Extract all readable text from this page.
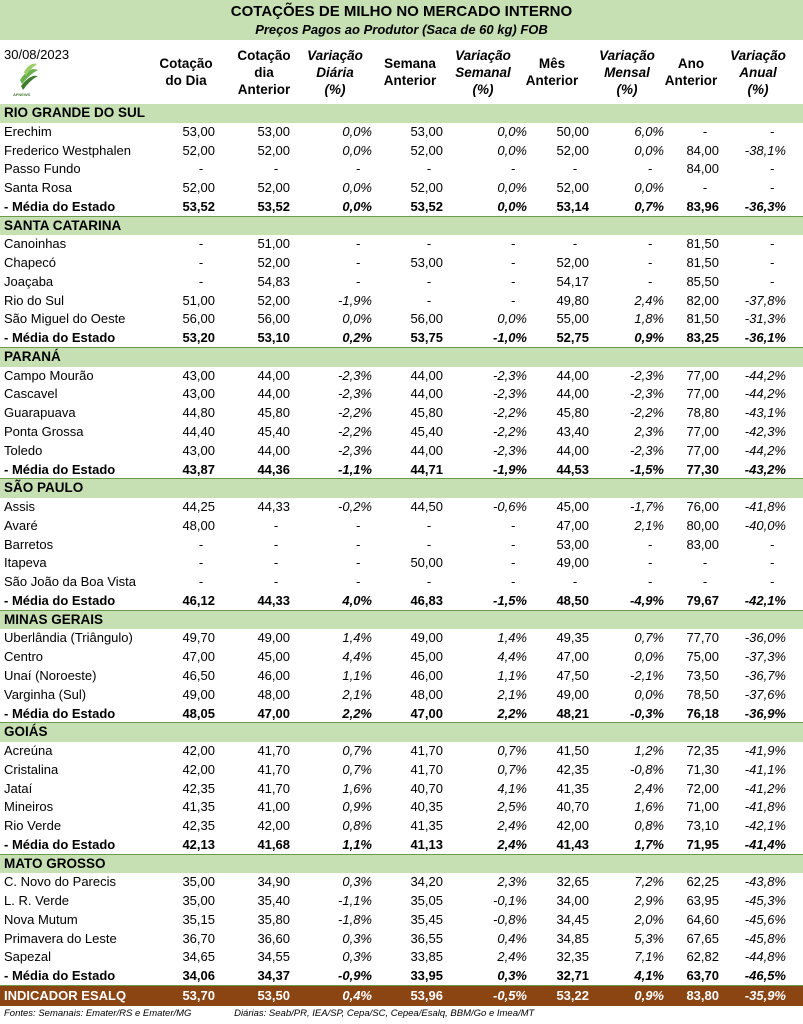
COTAÇÕES DE MILHO NO MERCADO INTERNO
Preços Pagos ao Produtor (Saca de 60 kg) FOB
30/08/2023
AFNEWS
Cotação
do Dia
Cotação
dia
Anterior
Variação
Diária
(%)
Semana
Anterior
Variação
Semanal
(%)
Mês
Anterior
Variação
Mensal
(%)
Ano
Anterior
Variação
Anual
(%)
RIO GRANDE DO SUL
Erechim	53,00	53,00	0,0%	53,00	0,0% 50,00	6,0%	-	-
Frederico Westphalen	52,00	52,00	0,0%	52,00	0,0% 52,00	0,0% 84,00 -38,1%
Passo Fundo	-	-	-	-	-	-	-	84,00	-
Santa Rosa	52,00	52,00	0,0%	52,00	0,0% 52,00	0,0%	-	-
- Média do Estado	53,52	53,52	0,0%	53,52	0,0% 53,14	0,7% 83,96 -36,3%
SANTA CATARINA
Canoinhas	-	51,00	-	-	-	-	-	81,50	-
Chapecó	-	52,00	-	53,00	-	52,00	-	81,50	-
Joaçaba	-	54,83	-	-	-	54,17	-	85,50	-
Rio do Sul	51,00	52,00	-1,9%	-	-	49,80	2,4% 82,00 -37,8%
São Miguel do Oeste	56,00	56,00	0,0%	56,00	0,0% 55,00	1,8% 81,50 -31,3%
- Média do Estado	53,20	53,10	0,2%	53,75	-1,0% 52,75	0,9% 83,25 -36,1%
PARANÁ
Campo Mourão	43,00	44,00	-2,3%	44,00	-2,3% 44,00	-2,3% 77,00 -44,2%
Cascavel	43,00	44,00	-2,3%	44,00	-2,3% 44,00	-2,3% 77,00 -44,2%
Guarapuava	44,80	45,80	-2,2%	45,80	-2,2% 45,80	-2,2% 78,80 -43,1%
Ponta Grossa	44,40	45,40	-2,2%	45,40	-2,2% 43,40	2,3% 77,00 -42,3%
Toledo	43,00	44,00	-2,3%	44,00	-2,3% 44,00	-2,3% 77,00 -44,2%
- Média do Estado	43,87	44,36	-1,1%	44,71	-1,9% 44,53	-1,5% 77,30 -43,2%
SÃO PAULO
Assis	44,25	44,33	-0,2%	44,50	-0,6% 45,00	-1,7% 76,00 -41,8%
Avaré	48,00	-	-	-	-	47,00	2,1% 80,00 -40,0%
Barretos	-	-	-	-	-	53,00	-	83,00	-
Itapeva	-	-	-	50,00	-	49,00	-	-	-
São João da Boa Vista	-	-	-	-	-	-	-	-	-
- Média do Estado	46,12	44,33	4,0%	46,83	-1,5% 48,50	-4,9% 79,67 -42,1%
MINAS GERAIS
Uberlândia (Triângulo)	49,70	49,00	1,4%	49,00	1,4% 49,35	0,7% 77,70 -36,0%
Centro	47,00	45,00	4,4%	45,00	4,4% 47,00	0,0% 75,00 -37,3%
Unaí (Noroeste)	46,50	46,00	1,1%	46,00	1,1% 47,50	-2,1% 73,50 -36,7%
Varginha (Sul)	49,00	48,00	2,1%	48,00	2,1% 49,00	0,0% 78,50 -37,6%
- Média do Estado	48,05	47,00	2,2%	47,00	2,2% 48,21	-0,3% 76,18 -36,9%
GOIÁS
Acreúna	42,00	41,70	0,7%	41,70	0,7% 41,50	1,2% 72,35 -41,9%
Cristalina	42,00	41,70	0,7%	41,70	0,7% 42,35	-0,8% 71,30 -41,1%
Jataí	42,35	41,70	1,6%	40,70	4,1% 41,35	2,4% 72,00 -41,2%
Mineiros	41,35	41,00	0,9%	40,35	2,5% 40,70	1,6% 71,00 -41,8%
Rio Verde	42,35	42,00	0,8%	41,35	2,4% 42,00	0,8% 73,10 -42,1%
- Média do Estado	42,13	41,68	1,1%	41,13	2,4% 41,43	1,7% 71,95 -41,4%
MATO GROSSO
C. Novo do Parecis	35,00	34,90	0,3%	34,20	2,3% 32,65	7,2% 62,25 -43,8%
L. R. Verde	35,00	35,40	-1,1%	35,05	-0,1% 34,00	2,9% 63,95 -45,3%
Nova Mutum	35,15	35,80	-1,8%	35,45	-0,8% 34,45	2,0% 64,60 -45,6%
Primavera do Leste	36,70	36,60	0,3%	36,55	0,4% 34,85	5,3% 67,65 -45,8%
Sapezal	34,65	34,55	0,3%	33,85	2,4% 32,35	7,1% 62,82 -44,8%
- Média do Estado	34,06	34,37	-0,9%	33,95	0,3% 32,71	4,1% 63,70 -46,5%
INDICADOR ESALQ	53,70	53,50	0,4%	53,96	-0,5% 53,22	0,9% 83,80 -35,9%
Fontes: Semanais: Emater/RS e Emater/MG	Diárias: Seab/PR, IEA/SP, Cepa/SC, Cepea/Esalq, BBM/Go e Imea/MT
